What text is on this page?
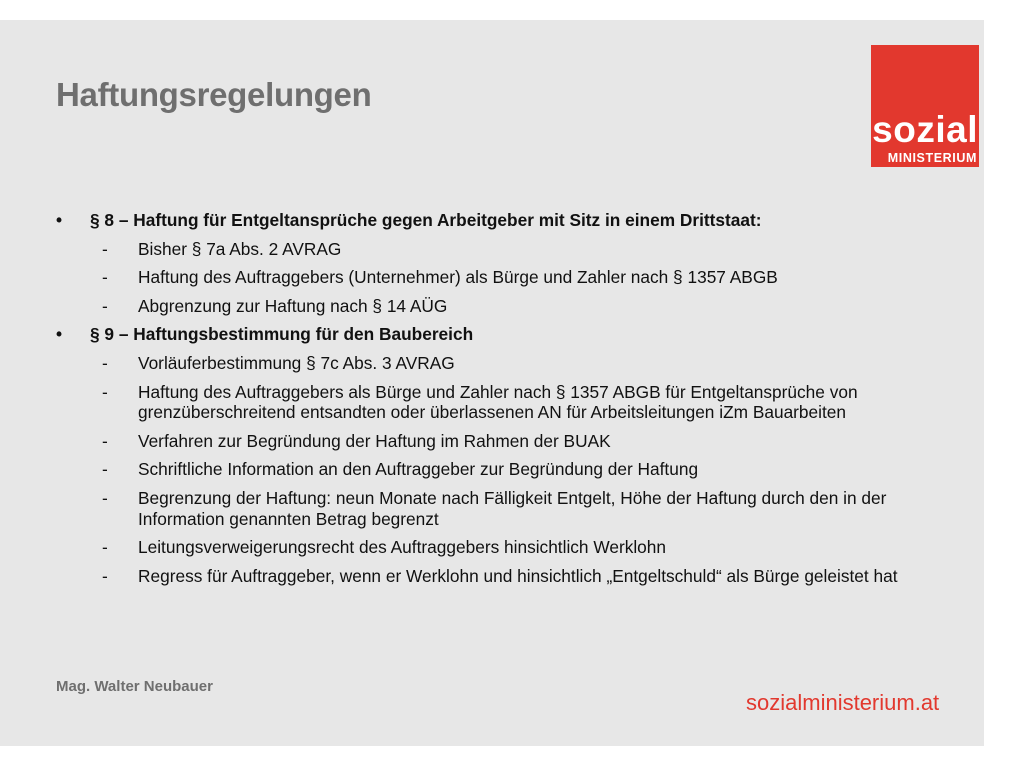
Haftungsregelungen
sozial
MINISTERIUM
• § 8 – Haftung für Entgeltansprüche gegen Arbeitgeber mit Sitz in einem Drittstaat:
- Bisher § 7a Abs. 2 AVRAG
- Haftung des Auftraggebers (Unternehmer) als Bürge und Zahler nach § 1357 ABGB
- Abgrenzung zur Haftung nach § 14 AÜG
• § 9 – Haftungsbestimmung für den Baubereich
- Vorläuferbestimmung § 7c Abs. 3 AVRAG
- Haftung des Auftraggebers als Bürge und Zahler nach § 1357 ABGB für Entgeltansprüche von grenzüberschreitend entsandten oder überlassenen AN für Arbeitsleitungen iZm Bauarbeiten
- Verfahren zur Begründung der Haftung im Rahmen der BUAK
- Schriftliche Information an den Auftraggeber zur Begründung der Haftung
- Begrenzung der Haftung: neun Monate nach Fälligkeit Entgelt, Höhe der Haftung durch den in der Information genannten Betrag begrenzt
- Leitungsverweigerungsrecht des Auftraggebers hinsichtlich Werklohn
- Regress für Auftraggeber, wenn er Werklohn und hinsichtlich „Entgeltschuld“ als Bürge geleistet hat
Mag. Walter Neubauer
sozialministerium.at
